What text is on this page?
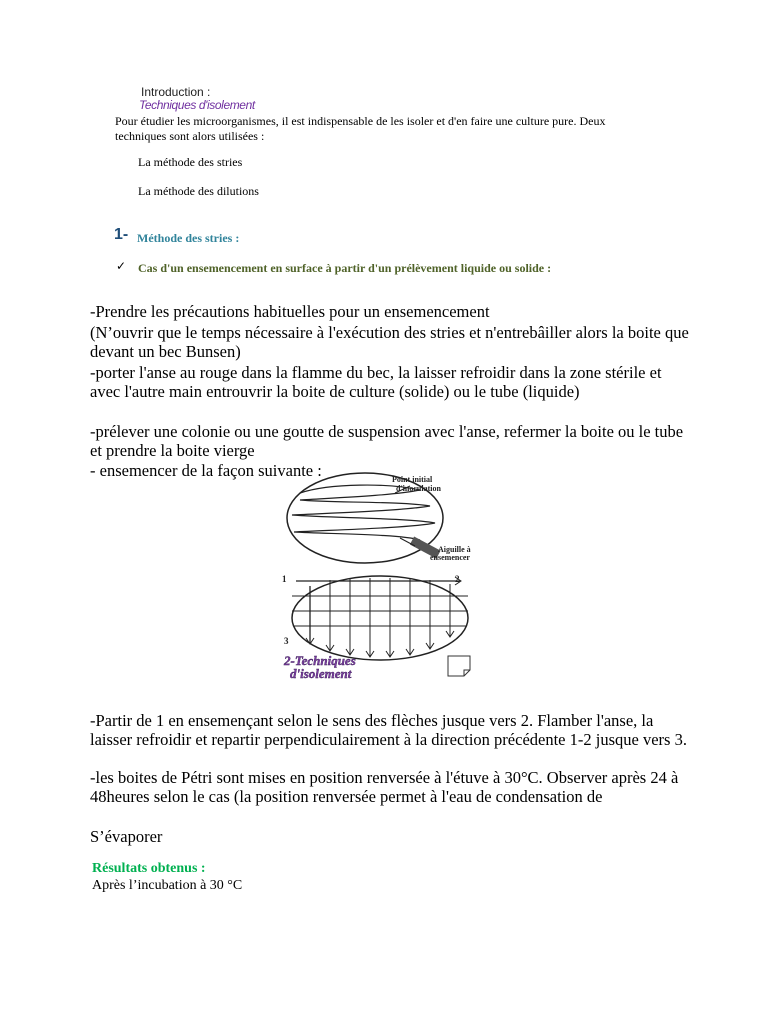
Introduction :
Techniques d'isolement
Pour étudier les microorganismes, il est indispensable de les isoler et d'en faire une culture pure. Deux techniques sont alors utilisées :
La méthode des stries
La méthode des dilutions
1- Méthode des stries :
✓ Cas d'un ensemencement en surface à partir d'un prélèvement liquide ou solide :
-Prendre les précautions habituelles pour un ensemencement
(N’ouvrir que le temps nécessaire à l'exécution des stries et n'entrebâiller alors la boite que devant un bec Bunsen)
-porter l'anse au rouge dans la flamme du bec, la laisser refroidir dans la zone stérile et avec l'autre main entrouvrir la boite de culture (solide) ou le tube (liquide)
-prélever une colonie ou une goutte de suspension avec l'anse, refermer la boite ou le tube et prendre la boite vierge
- ensemencer de la façon suivante :	Point initial
d'inoculation
Aiguille à
ensemencer
1	2
3
2-Techniques
d'isolement
-Partir de 1 en ensemençant selon le sens des flèches jusque vers 2. Flamber l'anse, la laisser refroidir et repartir perpendiculairement à la direction précédente 1-2 jusque vers 3.
-les boites de Pétri sont mises en position renversée à l'étuve à 30°C. Observer après 24 à 48heures selon le cas (la position renversée permet à l'eau de condensation de
S’évaporer
Résultats obtenus :
Après l’incubation à 30 °C
